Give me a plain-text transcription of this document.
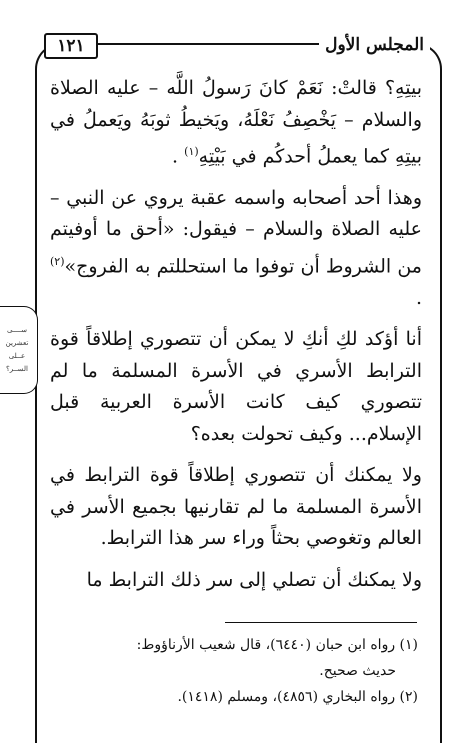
١٢١	المجلس الأول
ســــى
تعشرين
عــلى
الســر؟

بيتِهِ؟ قالتْ: نَعَمْ كانَ رَسولُ اللَّه – عليه الصلاة والسلام – يَخْصِفُ نَعْلَهُ، ويَخيطُ ثوبَهُ ويَعملُ في بيتِهِ كما يعملُ أحدكُم في بَيْتِهِ$^{(١)}$ .

وهذا أحد أصحابه واسمه عقبة يروي عن النبي – عليه الصلاة والسلام – فيقول: «أحق ما أوفيتم من الشروط أن توفوا ما استحللتم به الفروج»$^{(٢)}$ .

أنا أؤكد لكِ أنكِ لا يمكن أن تتصوري إطلاقاً قوة الترابط الأسري في الأسرة المسلمة ما لم تتصوري كيف كانت الأسرة العربية قبل الإسلام... وكيف تحولت بعده؟

ولا يمكنك أن تتصوري إطلاقاً قوة الترابط في الأسرة المسلمة ما لم تقارنيها بجميع الأسر في العالم وتغوصي بحثاً وراء سر هذا الترابط.

ولا يمكنك أن تصلي إلى سر ذلك الترابط ما

(١) رواه ابن حبان (٦٤٤٠)، قال شعيب الأرناؤوط:

حديث صحيح.

(٢) رواه البخاري (٤٨٥٦)، ومسلم (١٤١٨).
